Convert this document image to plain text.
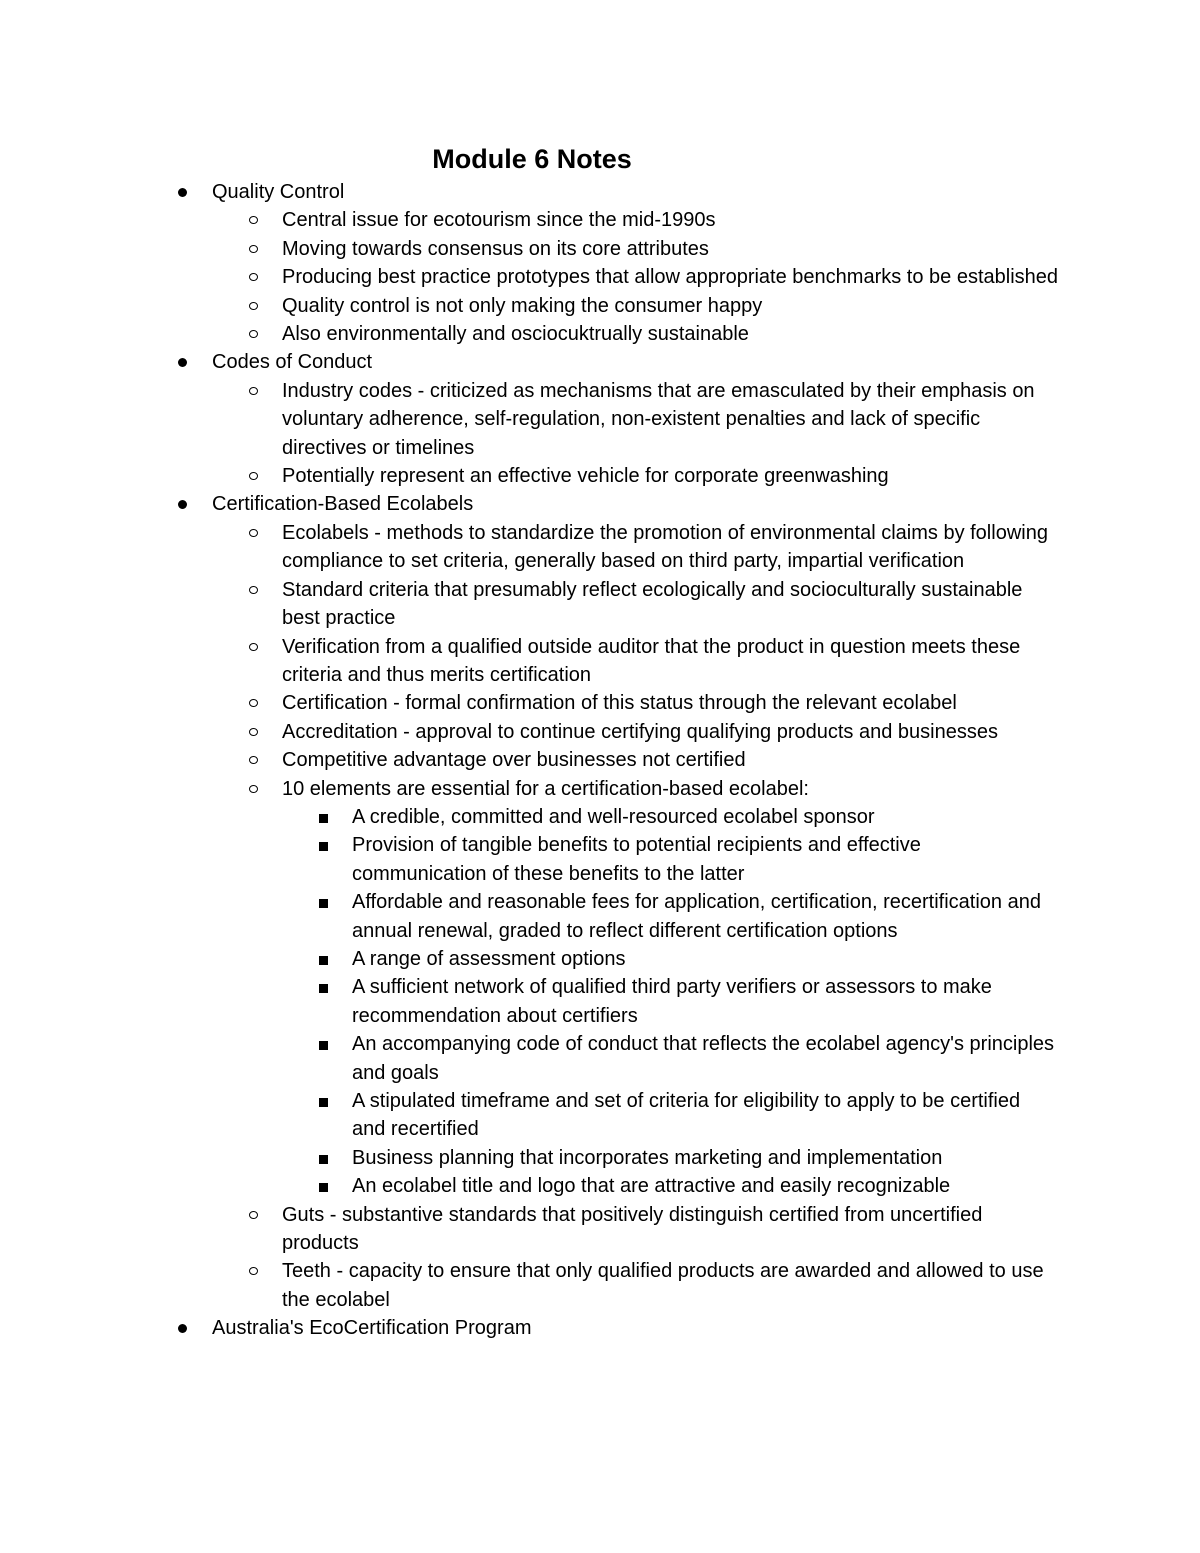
Module 6 Notes
Quality Control
Central issue for ecotourism since the mid-1990s
Moving towards consensus on its core attributes
Producing best practice prototypes that allow appropriate benchmarks to be established
Quality control is not only making the consumer happy
Also environmentally and osciocuktrually sustainable
Codes of Conduct
Industry codes - criticized as mechanisms that are emasculated by their emphasis on voluntary adherence, self-regulation, non-existent penalties and lack of specific directives or timelines
Potentially represent an effective vehicle for corporate greenwashing
Certification-Based Ecolabels
Ecolabels - methods to standardize the promotion of environmental claims by following compliance to set criteria, generally based on third party, impartial verification
Standard criteria that presumably reflect ecologically and socioculturally sustainable best practice
Verification from a qualified outside auditor that the product in question meets these criteria and thus merits certification
Certification - formal confirmation of this status through the relevant ecolabel
Accreditation - approval to continue certifying qualifying products and businesses
Competitive advantage over businesses not certified
10 elements are essential for a certification-based ecolabel:
A credible, committed and well-resourced ecolabel sponsor
Provision of tangible benefits to potential recipients and effective communication of these benefits to the latter
Affordable and reasonable fees for application, certification, recertification and annual renewal, graded to reflect different certification options
A range of assessment options
A sufficient network of qualified third party verifiers or assessors to make recommendation about certifiers
An accompanying code of conduct that reflects the ecolabel agency's principles and goals
A stipulated timeframe and set of criteria for eligibility to apply to be certified and recertified
Business planning that incorporates marketing and implementation
An ecolabel title and logo that are attractive and easily recognizable
Guts - substantive standards that positively distinguish certified from uncertified products
Teeth - capacity to ensure that only qualified products are awarded and allowed to use the ecolabel
Australia's EcoCertification Program
